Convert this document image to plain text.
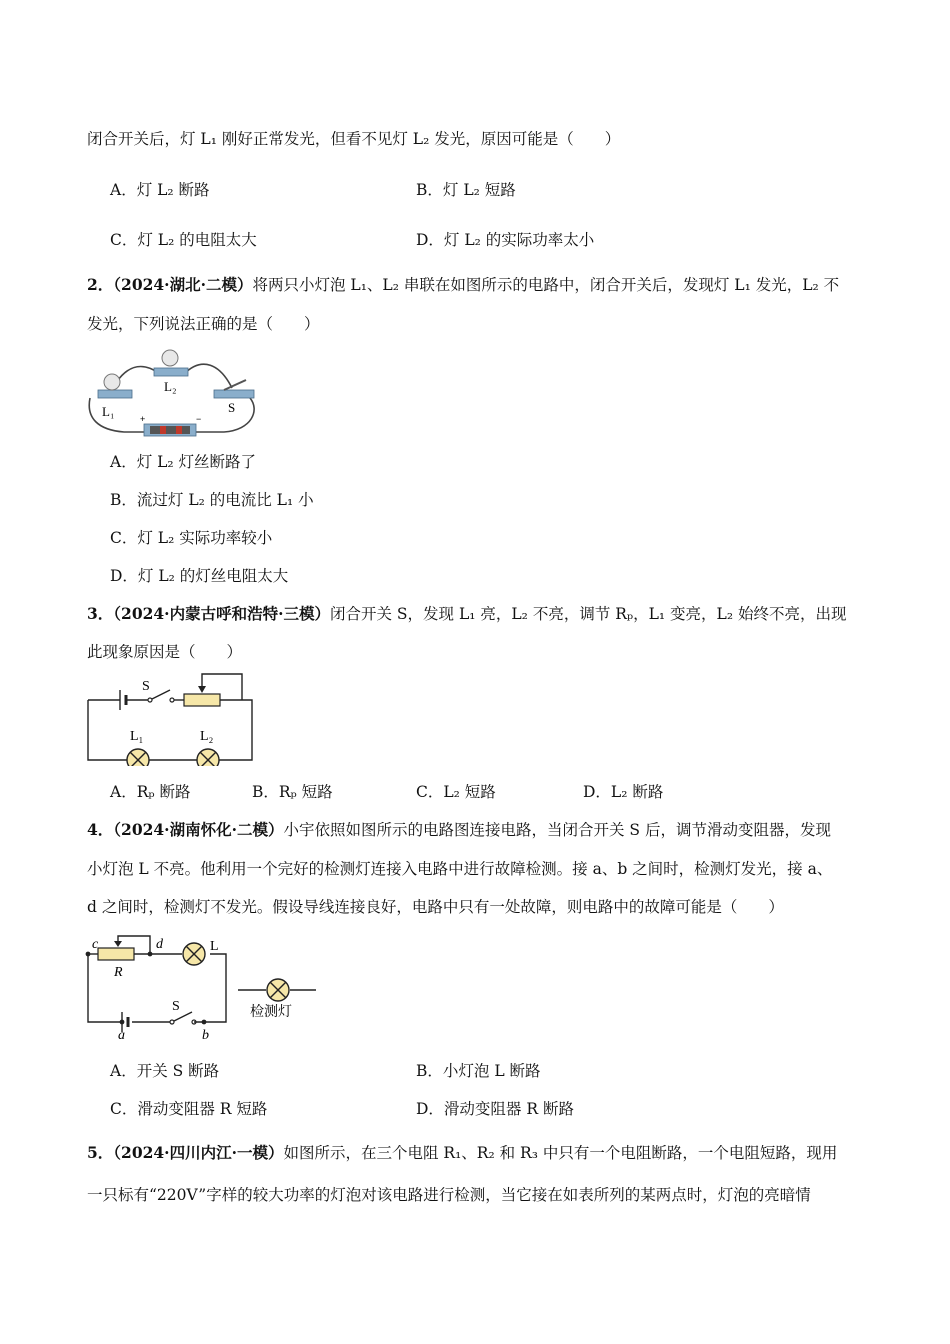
闭合开关后，灯 L₁ 刚好正常发光，但看不见灯 L₂ 发光，原因可能是（　　）
A．灯 L₂ 断路	B．灯 L₂ 短路
C．灯 L₂ 的电阻太大	D．灯 L₂ 的实际功率太小
2．（2024·湖北·二模）将两只小灯泡 L₁、L₂ 串联在如图所示的电路中，闭合开关后，发现灯 L₁ 发光，L₂ 不
发光，下列说法正确的是（　　）
L₁
L₂
S
+	−
A．灯 L₂ 灯丝断路了
B．流过灯 L₂ 的电流比 L₁ 小
C．灯 L₂ 实际功率较小
D．灯 L₂ 的灯丝电阻太大
3．（2024·内蒙古呼和浩特·三模）闭合开关 S，发现 L₁ 亮，L₂ 不亮，调节 Rₚ，L₁ 变亮，L₂ 始终不亮，出现
此现象原因是（　　）
S
L₁	L₂
A．Rₚ 断路	B．Rₚ 短路	C．L₂ 短路	D．L₂ 断路
4．（2024·湖南怀化·二模）小宇依照如图所示的电路图连接电路，当闭合开关 S 后，调节滑动变阻器，发现
小灯泡 L 不亮。他利用一个完好的检测灯连接入电路中进行故障检测。接 a、b 之间时，检测灯发光，接 a、
d 之间时，检测灯不发光。假设导线连接良好，电路中只有一处故障，则电路中的故障可能是（　　）
c	d	L
R
S
a	b
检测灯
A．开关 S 断路	B．小灯泡 L 断路
C．滑动变阻器 R 短路	D．滑动变阻器 R 断路
5．（2024·四川内江·一模）如图所示，在三个电阻 R₁、R₂ 和 R₃ 中只有一个电阻断路，一个电阻短路，现用
一只标有“220V”字样的较大功率的灯泡对该电路进行检测，当它接在如表所列的某两点时，灯泡的亮暗情
